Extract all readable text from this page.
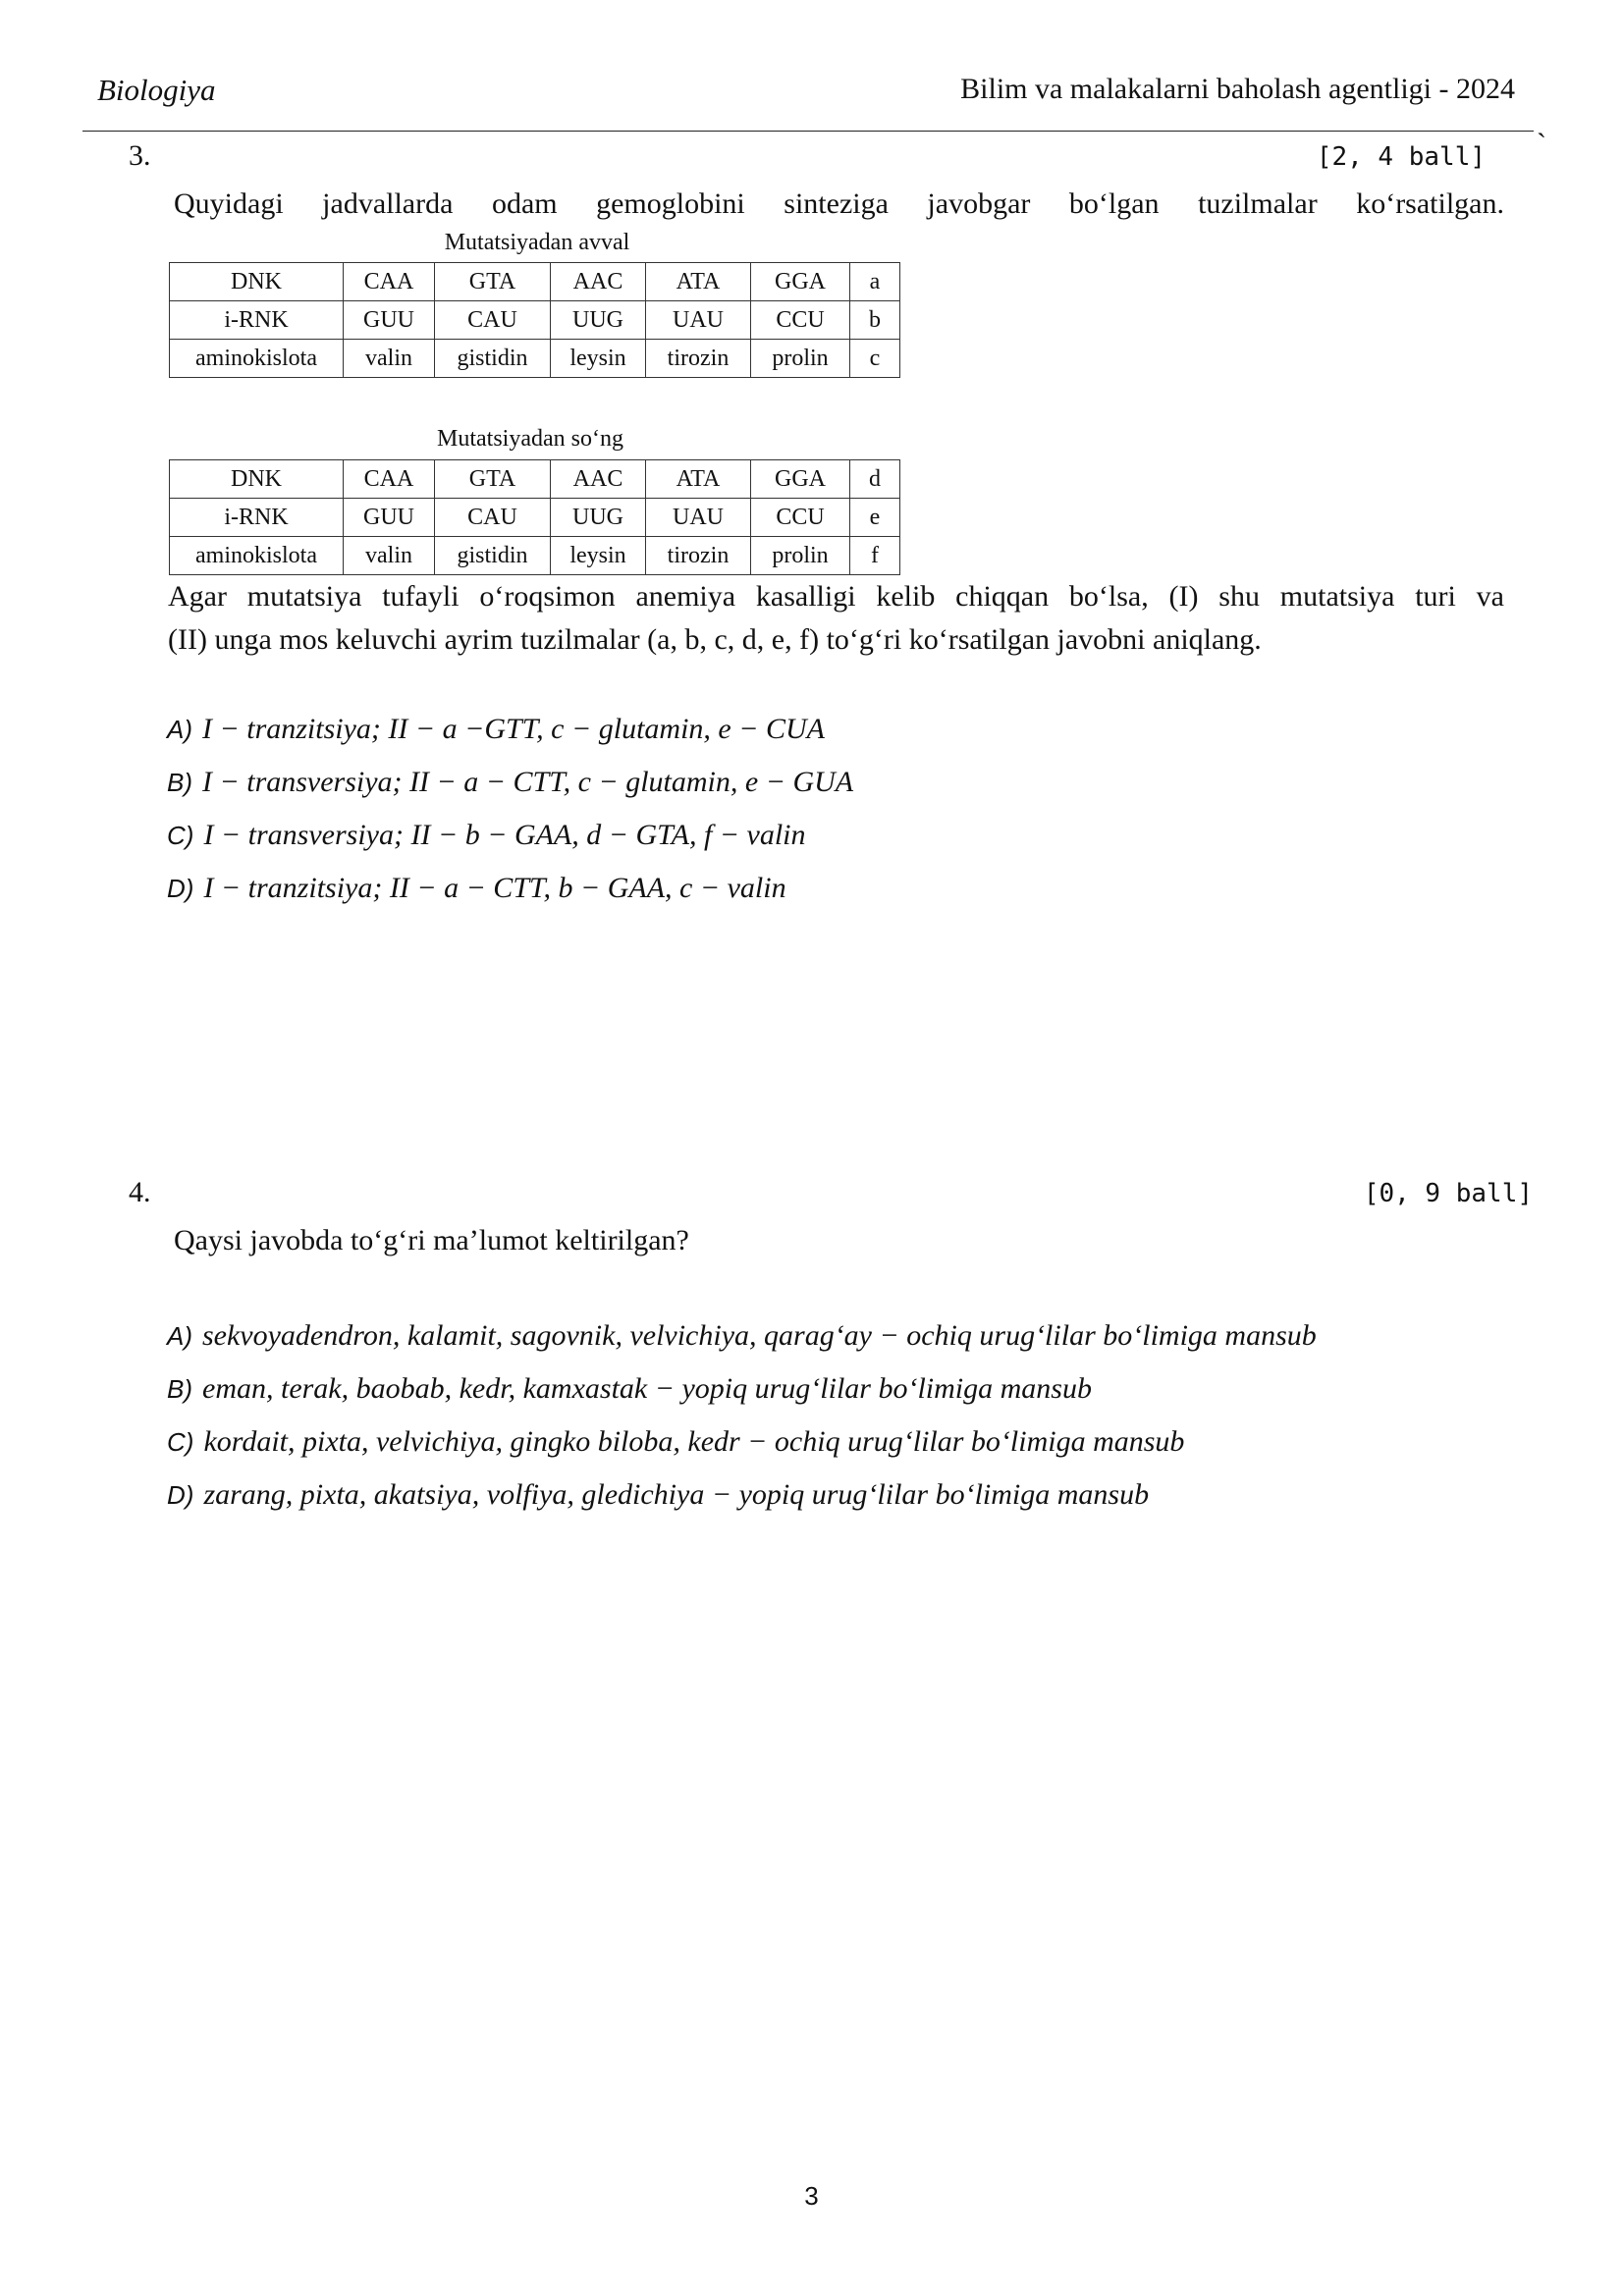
Biologiya	Bilim va malakalarni baholash agentligi - 2024
`
3.	[2, 4 ball]
Quyidagi jadvallarda odam gemoglobini sinteziga javobgar bo‘lgan tuzilmalar ko‘rsatilgan.
Mutatsiyadan avval
DNK	CAA	GTA	AAC	ATA	GGA	a
i-RNK	GUU	CAU	UUG	UAU	CCU	b
aminokislota	valin	gistidin	leysin	tirozin	prolin	c
Mutatsiyadan so‘ng
DNK	CAA	GTA	AAC	ATA	GGA	d
i-RNK	GUU	CAU	UUG	UAU	CCU	e
aminokislota	valin	gistidin	leysin	tirozin	prolin	f
Agar mutatsiya tufayli o‘roqsimon anemiya kasalligi kelib chiqqan bo‘lsa, (I) shu mutatsiya turi va
(II) unga mos keluvchi ayrim tuzilmalar (a, b, c, d, e, f) to‘g‘ri ko‘rsatilgan javobni aniqlang.
A) I − tranzitsiya; II − a −GTT, c − glutamin, e − CUA
B) I − transversiya; II − a − CTT, c − glutamin, e − GUA
C) I − transversiya; II − b − GAA, d − GTA, f − valin
D) I − tranzitsiya; II − a − CTT, b − GAA, c − valin
4.	[0, 9 ball]
Qaysi javobda to‘g‘ri ma’lumot keltirilgan?
A) sekvoyadendron, kalamit, sagovnik, velvichiya, qarag‘ay − ochiq urug‘lilar bo‘limiga mansub
B) eman, terak, baobab, kedr, kamxastak − yopiq urug‘lilar bo‘limiga mansub
C) kordait, pixta, velvichiya, gingko biloba, kedr − ochiq urug‘lilar bo‘limiga mansub
D) zarang, pixta, akatsiya, volfiya, gledichiya − yopiq urug‘lilar bo‘limiga mansub
3
